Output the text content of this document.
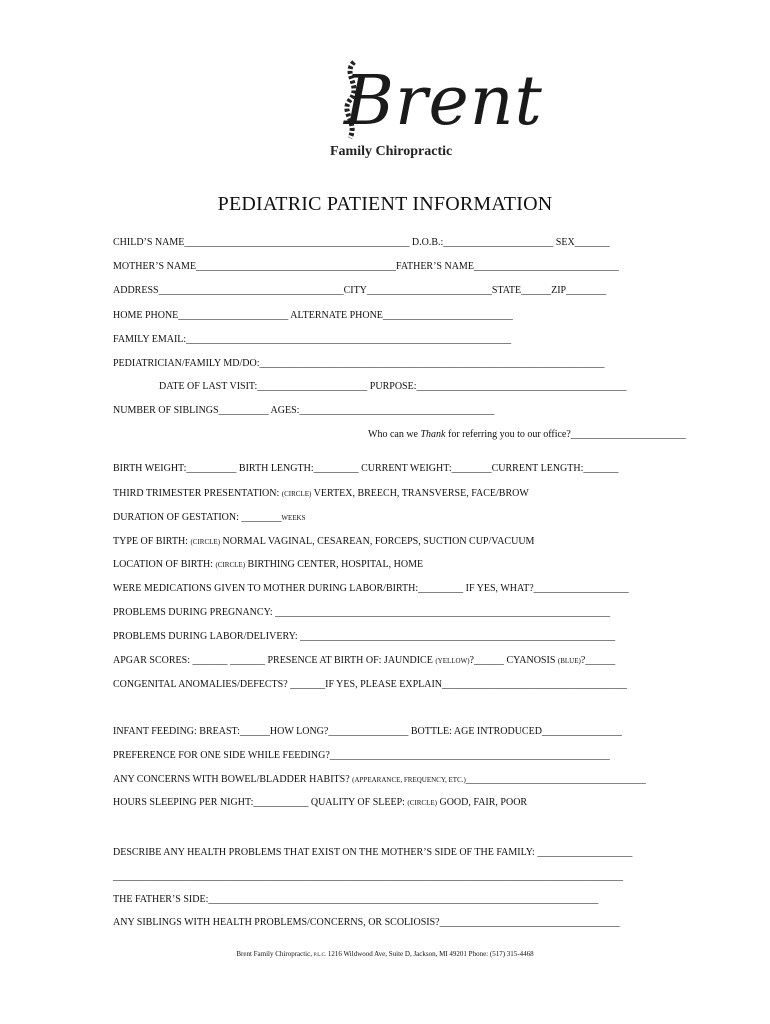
Brent
Family Chiropractic
PEDIATRIC PATIENT INFORMATION
CHILD’S NAME_____________________________________________ D.O.B.:______________________ SEX_______
MOTHER’S NAME________________________________________FATHER’S NAME_____________________________
ADDRESS_____________________________________CITY_________________________STATE______ZIP________
HOME PHONE______________________ ALTERNATE PHONE__________________________
FAMILY EMAIL:_________________________________________________________________
PEDIATRICIAN/FAMILY MD/DO:_____________________________________________________________________
DATE OF LAST VISIT:______________________ PURPOSE:__________________________________________
NUMBER OF SIBLINGS__________ AGES:_______________________________________
Who can we Thank for referring you to our office?_______________________
BIRTH WEIGHT:__________ BIRTH LENGTH:_________ CURRENT WEIGHT:________CURRENT LENGTH:_______
THIRD TRIMESTER PRESENTATION: (CIRCLE) VERTEX, BREECH, TRANSVERSE, FACE/BROW
DURATION OF GESTATION: ________WEEKS
TYPE OF BIRTH: (CIRCLE) NORMAL VAGINAL, CESAREAN, FORCEPS, SUCTION CUP/VACUUM
LOCATION OF BIRTH: (CIRCLE) BIRTHING CENTER, HOSPITAL, HOME
WERE MEDICATIONS GIVEN TO MOTHER DURING LABOR/BIRTH:_________ IF YES, WHAT?___________________
PROBLEMS DURING PREGNANCY: ___________________________________________________________________
PROBLEMS DURING LABOR/DELIVERY: _______________________________________________________________
APGAR SCORES: _______ _______ PRESENCE AT BIRTH OF: JAUNDICE (YELLOW)?______ CYANOSIS (BLUE)?______
CONGENITAL ANOMALIES/DEFECTS? _______IF YES, PLEASE EXPLAIN_____________________________________
INFANT FEEDING: BREAST:______HOW LONG?________________ BOTTLE: AGE INTRODUCED________________
PREFERENCE FOR ONE SIDE WHILE FEEDING?________________________________________________________
ANY CONCERNS WITH BOWEL/BLADDER HABITS? (APPEARANCE, FREQUENCY, ETC.)____________________________________
HOURS SLEEPING PER NIGHT:___________ QUALITY OF SLEEP: (CIRCLE) GOOD, FAIR, POOR
DESCRIBE ANY HEALTH PROBLEMS THAT EXIST ON THE MOTHER’S SIDE OF THE FAMILY: ___________________
______________________________________________________________________________________________________
THE FATHER’S SIDE:______________________________________________________________________________
ANY SIBLINGS WITH HEALTH PROBLEMS/CONCERNS, OR SCOLIOSIS?____________________________________
Brent Family Chiropractic, P.L.C. 1216 Wildwood Ave, Suite D, Jackson, MI 49201 Phone: (517) 315-4468
